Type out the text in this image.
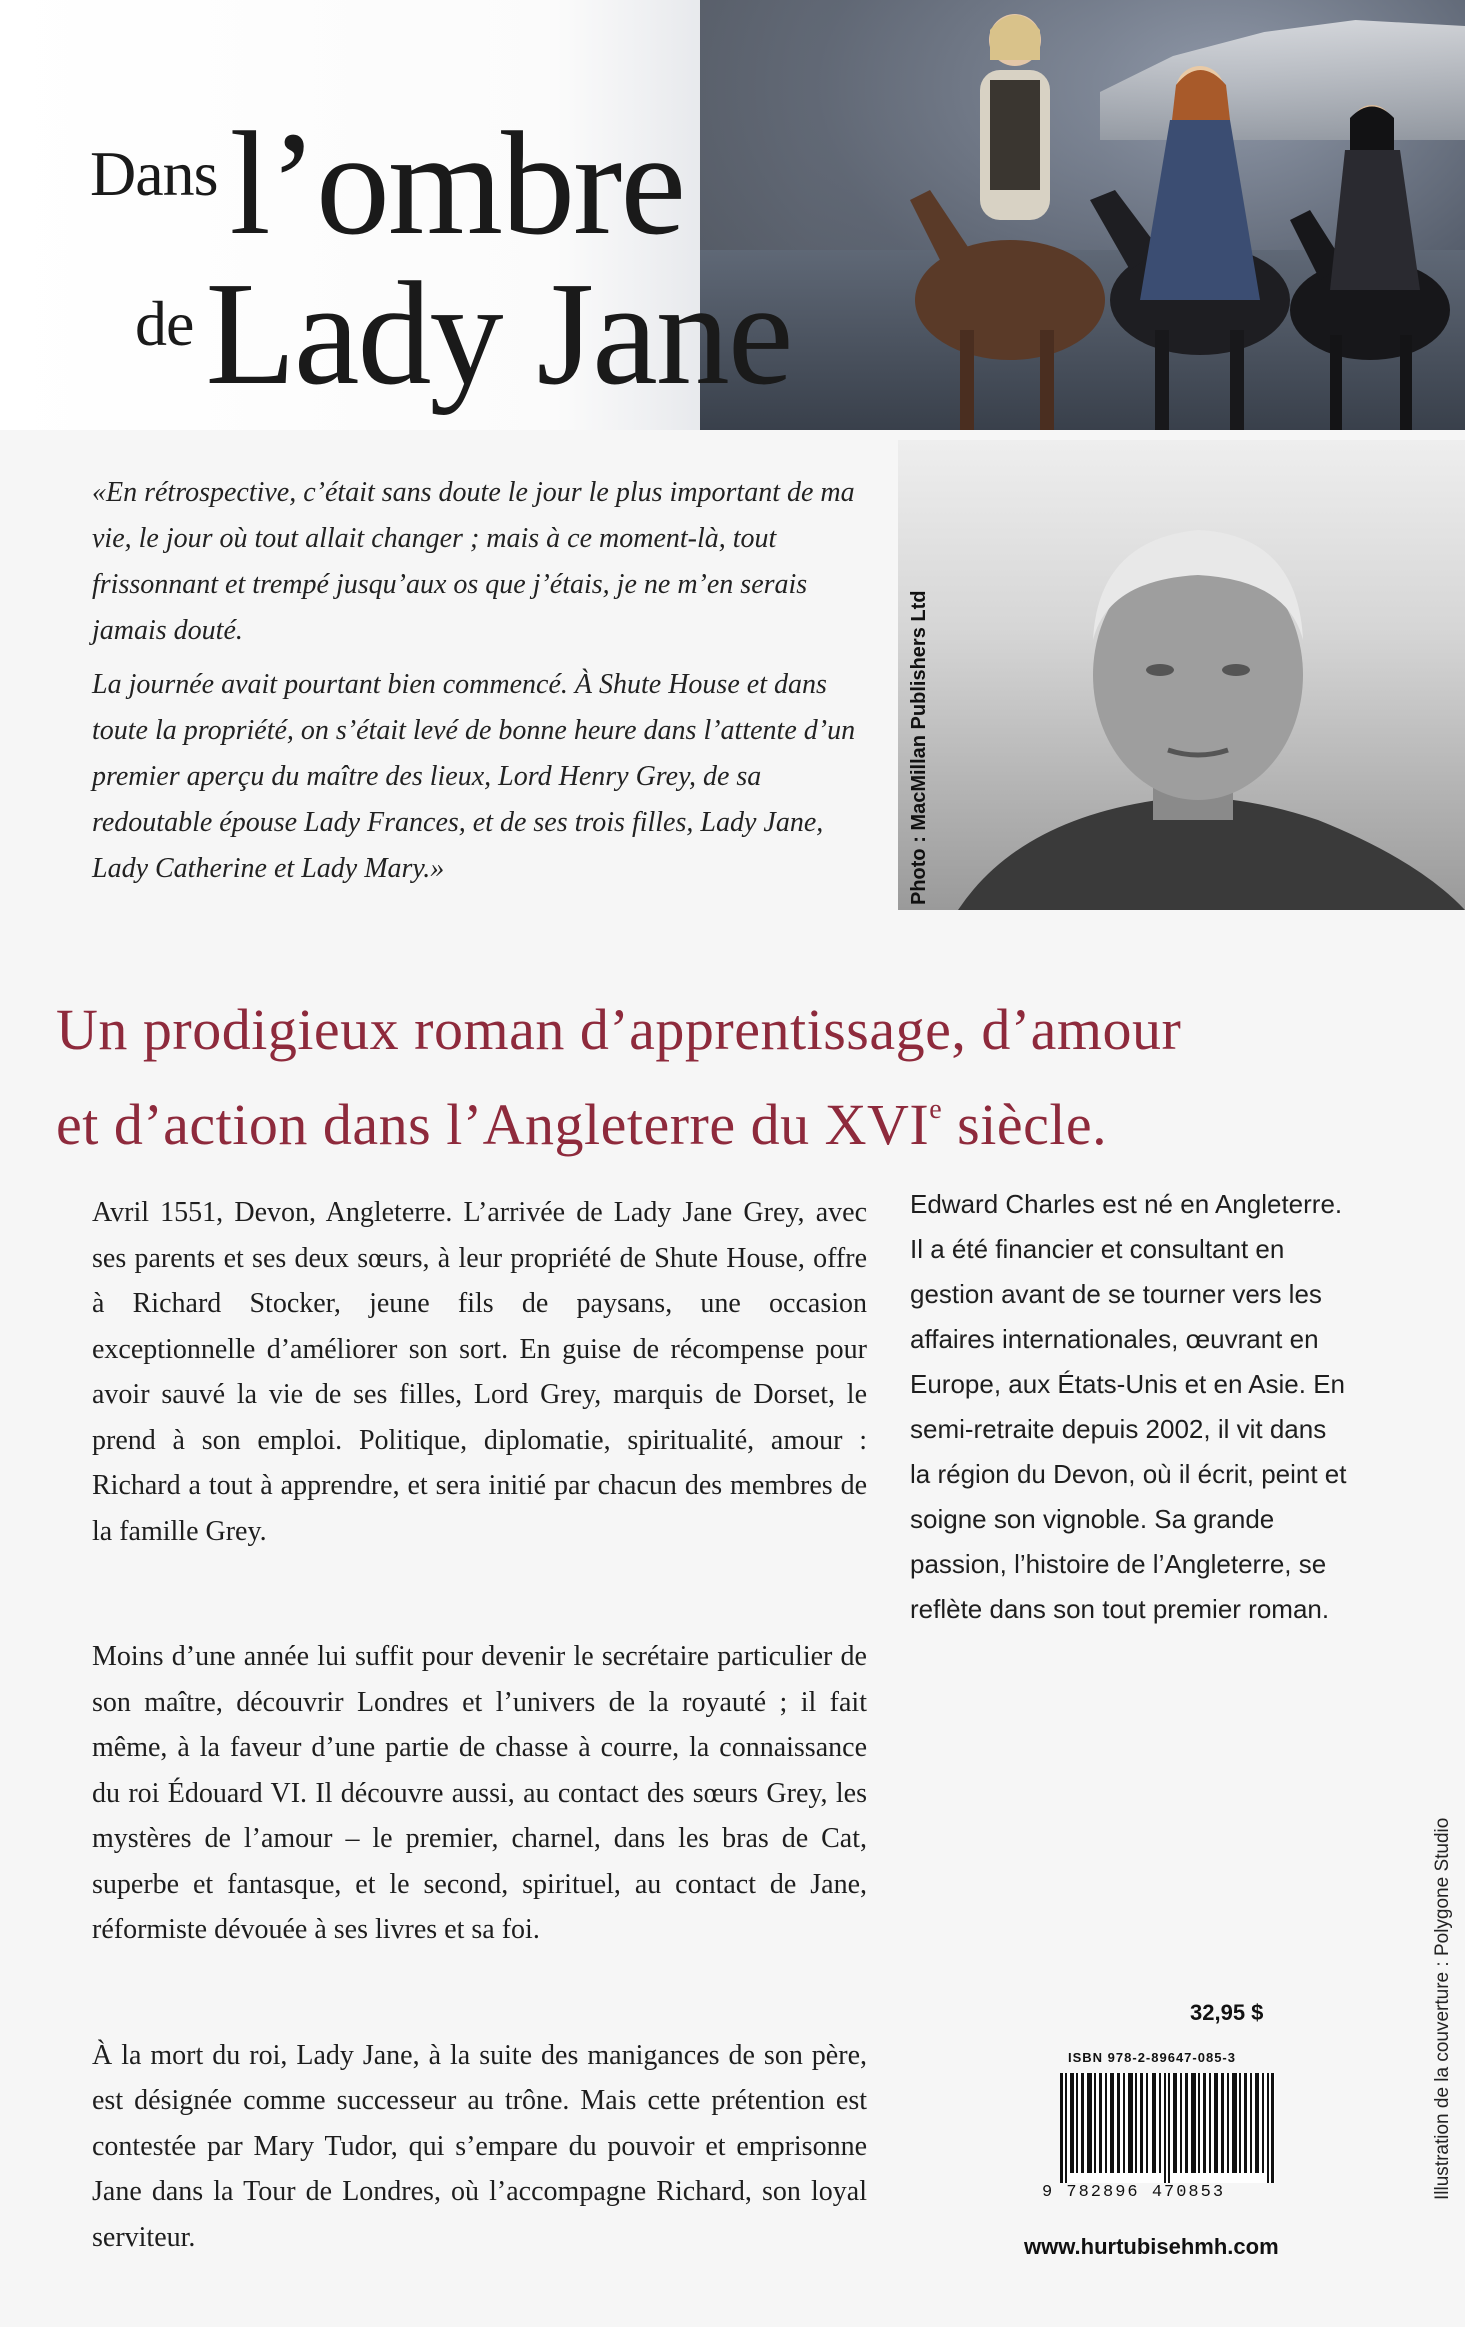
Dansl’ombre
deLady Jane
Photo : MacMillan Publishers Ltd

«En rétrospective, c’était sans doute le jour le plus important de ma vie, le jour où tout allait changer ; mais à ce moment-là, tout frissonnant et trempé jusqu’aux os que j’étais, je ne m’en serais jamais douté.

La journée avait pourtant bien commencé. À Shute House et dans toute la propriété, on s’était levé de bonne heure dans l’attente d’un premier aperçu du maître des lieux, Lord Henry Grey, de sa redoutable épouse Lady Frances, et de ses trois filles, Lady Jane, Lady Catherine et Lady Mary.»

Un prodigieux roman d’apprentissage, d’amour
et d’action dans l’Angleterre du XVIe siècle.

Avril 1551, Devon, Angleterre. L’arrivée de Lady Jane Grey, avec ses parents et ses deux sœurs, à leur propriété de Shute House, offre à Richard Stocker, jeune fils de paysans, une occasion exceptionnelle d’améliorer son sort. En guise de récompense pour avoir sauvé la vie de ses filles, Lord Grey, marquis de Dorset, le prend à son emploi. Politique, diplomatie, spiritualité, amour : Richard a tout à apprendre, et sera initié par chacun des membres de la famille Grey.

Moins d’une année lui suffit pour devenir le secrétaire particulier de son maître, découvrir Londres et l’univers de la royauté ; il fait même, à la faveur d’une partie de chasse à courre, la connaissance du roi Édouard VI. Il découvre aussi, au contact des sœurs Grey, les mystères de l’amour – le premier, charnel, dans les bras de Cat, superbe et fantasque, et le second, spirituel, au contact de Jane, réformiste dévouée à ses livres et sa foi.

À la mort du roi, Lady Jane, à la suite des manigances de son père, est désignée comme successeur au trône. Mais cette prétention est contestée par Mary Tudor, qui s’empare du pouvoir et emprisonne Jane dans la Tour de Londres, où l’accompagne Richard, son loyal serviteur.

Edward Charles est né en Angleterre. Il a été financier et consultant en gestion avant de se tourner vers les affaires internationales, œuvrant en Europe, aux États-Unis et en Asie. En semi-retraite depuis 2002, il vit dans la région du Devon, où il écrit, peint et soigne son vignoble. Sa grande passion, l’histoire de l’Angleterre, se reflète dans son tout premier roman.
Illustration de la couverture : Polygone Studio
32,95 $
ISBN 978-2-89647-085-3
9 782896 470853
www.hurtubisehmh.com
